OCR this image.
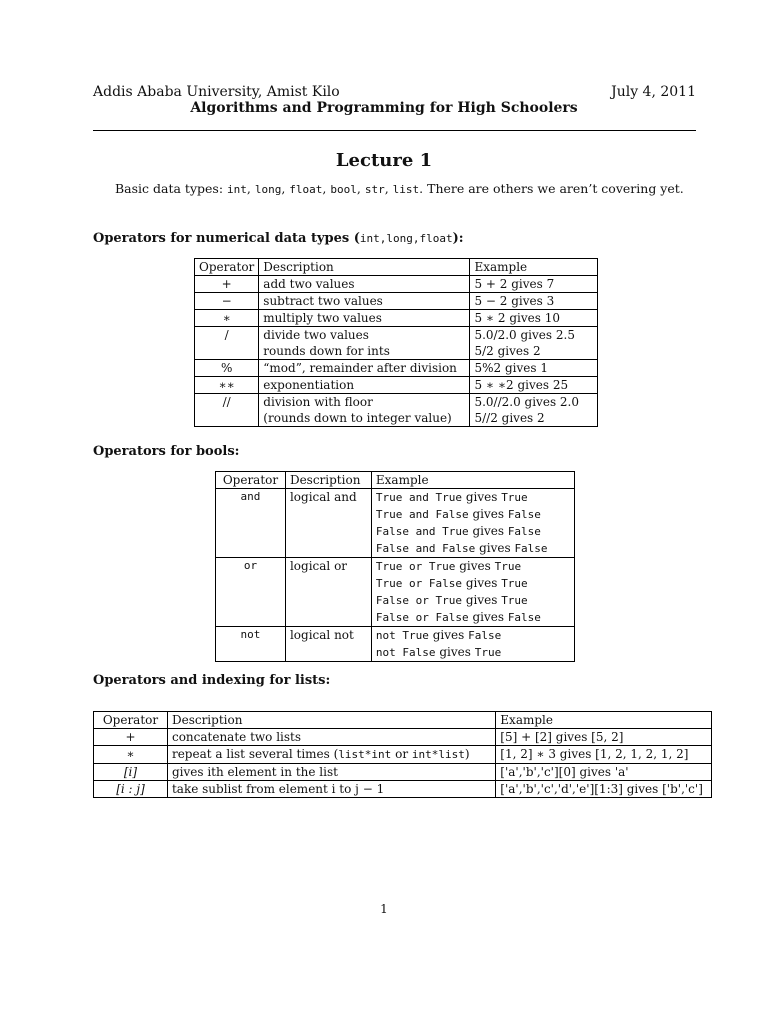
Addis Ababa University, Amist Kilo	July 4, 2011
Algorithms and Programming for High Schoolers
Lecture 1
Basic data types: int, long, float, bool, str, list. There are others we aren’t covering yet.
Operators for numerical data types (int,long,float):
Operator	Description	Example
+	add two values	5 + 2 gives 7
−	subtract two values	5 − 2 gives 3
∗	multiply two values	5 ∗ 2 gives 10
/	divide two values	5.0/2.0 gives 2.5
	rounds down for ints	5/2 gives 2
%	“mod”, remainder after division	5%2 gives 1
∗∗	exponentiation	5 ∗ ∗2 gives 25
//	division with floor	5.0//2.0 gives 2.0
	(rounds down to integer value)	5//2 gives 2
Operators for bools:
Operator	Description	Example
and	logical and	True and True gives True
		True and False gives False
		False and True gives False
		False and False gives False
or	logical or	True or True gives True
		True or False gives True
		False or True gives True
		False or False gives False
not	logical not	not True gives False
		not False gives True
Operators and indexing for lists:
Operator	Description	Example
+	concatenate two lists	[5] + [2] gives [5, 2]
∗	repeat a list several times (list*int or int*list)	[1, 2] ∗ 3 gives [1, 2, 1, 2, 1, 2]
[i]	gives ith element in the list	['a','b','c'][0] gives 'a'
[i : j]	take sublist from element i to j − 1	['a','b','c','d','e'][1:3] gives ['b','c']
1
